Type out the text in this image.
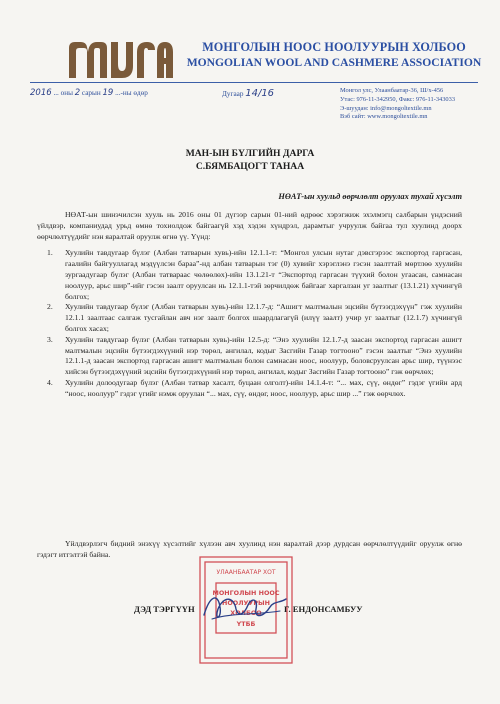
МОНГОЛЫН НООС НООЛУУРЫН ХОЛБОО
MONGOLIAN WOOL AND CASHMERE ASSOCIATION
2016 ... оны 2 сарын 19 ...-ны өдөр	Дугаар 14/16	Монгол улс, Улаанбаатар-36, Ш/х-456
Утас: 976-11-342950, Факс: 976-11-343033
Э-шуудан: info@mongoltextile.mn
Вэб сайт: www.mongoltextile.mn
МАН-ЫН БҮЛГИЙН ДАРГА
С.БЯМБАЦОГТ ТАНАА
НӨАТ-ын хуульд өөрчлөлт оруулах тухай хүсэлт

НӨАТ-ын шинэчилсэн хууль нь 2016 оны 01 дүгээр сарын 01-ний өдрөөс хэрэгжиж эхэлмэгц салбарын үндэсний үйлдвэр, компаниудад урьд өмнө тохиолдож байгаагүй хэд хэдэн хүндрэл, дарамтыг учруулж байгаа тул хуулинд доорх өөрчлөлтүүдийг нэн яаралтай оруулж өгнө үү. Үүнд:

1. Хуулийн тавдугаар бүлэг (Албан татварын хувь)-ийн 12.1.1-т: “Монгол улсын нутаг дэвсгэрээс экспортод гаргасан, гаалийн байгууллагад мэдүүлсэн бараа”-нд албан татварын тэг (0) хувийг хэрэглэнэ гэсэн заалттай мөртлөө хуулийн зургаадугаар бүлэг (Албан татвараас чөлөөлөх)-ийн 13.1.21-т “Экспортод гаргасан түүхий болон угаасан, самнасан ноолуур, арьс шир”-ийг гэсэн заалт оруулсан нь 12.1.1-тэй зөрчилдөж байгааг харгалзан уг заалтыг (13.1.21) хүчингүй болгох;
2. Хуулийн тавдугаар бүлэг (Албан татварын хувь)-ийн 12.1.7-д: “Ашигт малтмалын эцсийн бүтээгдэхүүн” гэж хуулийн 12.1.1 заалтаас салгаж тусгайлан авч нэг заалт болгох шаардлагагүй (илүү заалт) учир уг заалтыг (12.1.7) хүчингүй болгох хасах;
3. Хуулийн тавдугаар бүлэг (Албан татварын хувь)-ийн 12.5-д: “Энэ хуулийн 12.1.7-д заасан экспортод гаргасан ашигт малтмалын эцсийн бүтээгдэхүүний нэр төрөл, ангилал, кодыг Засгийн Газар тогтооно” гэсэн заалтыг “Энэ хуулийн 12.1.1-д заасан экспортод гаргасан ашигт малтмалын болон самнасан ноос, ноолуур, боловсруулсан арьс шир, түүнээс хийсэн бүтээгдэхүүний эцсийн бүтээгдэхүүний нэр төрөл, ангилал, кодыг Засгийн Газар тогтооно” гэж өөрчлөх;
4. Хуулийн долоодугаар бүлэг (Албан татвар хасалт, буцаан олголт)-ийн 14.1.4-т: “... мах, сүү, өндөг” гэдэг үгийн ард “ноос, ноолуур” гэдэг үгийг нэмж оруулан “... мах, сүү, өндөг, ноос, ноолуур, арьс шир ...” гэж өөрчлөх.
Үйлдвэрлэгч бидний энэхүү хүсэлтийг хүлээн авч хуулинд нэн яаралтай дээр дурдсан өөрчлөлтүүдийг оруулж өгнө гэдэгт итгэлтэй байна.
УЛААНБААТАР ХОТ
МОНГОЛЫН НООС
НООЛУУРЫН
ХОЛБОО
ҮТББ
ДЭД ТЭРГҮҮН	Г. ЕНДОНСАМБУУ
